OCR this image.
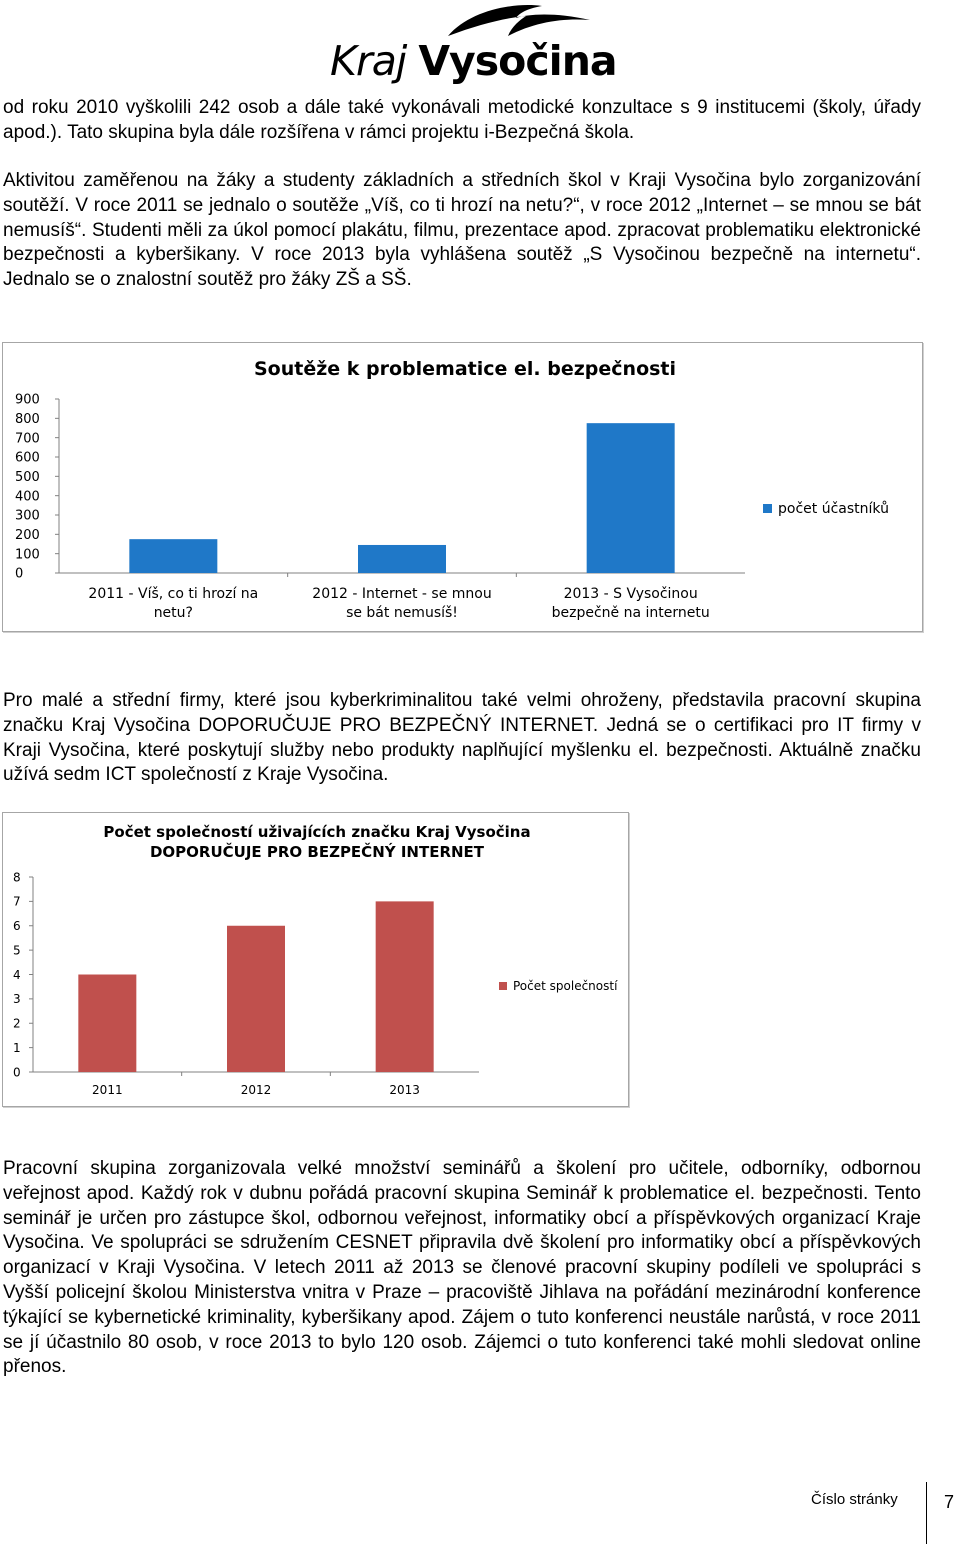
Kraj Vysočina

od roku 2010 vyškolili 242 osob a dále také vykonávali metodické konzultace s 9 institucemi (školy, úřady apod.). Tato skupina byla dále rozšířena v rámci projektu i-Bezpečná škola.

Aktivitou zaměřenou na žáky a studenty základních a středních škol v Kraji Vysočina bylo zorganizování soutěží. V roce 2011 se jednalo o soutěže „Víš, co ti hrozí na netu?“, v roce 2012 „Internet – se mnou se bát nemusíš“. Studenti měli za úkol pomocí plakátu, filmu, prezentace apod. zpracovat problematiku elektronické bezpečnosti a kyberšikany. V roce 2013 byla vyhlášena soutěž „S Vysočinou bezpečně na internetu“. Jednalo se o znalostní soutěž pro žáky ZŠ a SŠ.

Soutěže k problematice el. bezpečnosti
0
100
200
300
400
500
600
700
800
900
2011 - Víš, co ti hrozí na
netu?
2012 - Internet - se mnou
se bát nemusíš!
2013 - S Vysočinou
bezpečně na internetu
počet účastníků

Pro malé a střední firmy, které jsou kyberkriminalitou také velmi ohroženy, představila pracovní skupina značku Kraj Vysočina DOPORUČUJE PRO BEZPEČNÝ INTERNET. Jedná se o certifikaci pro IT firmy v Kraji Vysočina, které poskytují služby nebo produkty naplňující myšlenku el. bezpečnosti. Aktuálně značku užívá sedm ICT společností z Kraje Vysočina.

Počet společností uživajících značku Kraj Vysočina
DOPORUČUJE PRO BEZPEČNÝ INTERNET
0
1
2
3
4
5
6
7
8
2011	2012	2013
Počet společností

Pracovní skupina zorganizovala velké množství seminářů a školení pro učitele, odborníky, odbornou veřejnost apod. Každý rok v dubnu pořádá pracovní skupina Seminář k problematice el. bezpečnosti. Tento seminář je určen pro zástupce škol, odbornou veřejnost, informatiky obcí a příspěvkových organizací Kraje Vysočina. Ve spolupráci se sdružením CESNET připravila dvě školení pro informatiky obcí a příspěvkových organizací v Kraji Vysočina. V letech 2011 až 2013 se členové pracovní skupiny podíleli ve spolupráci s Vyšší policejní školou Ministerstva vnitra v Praze – pracoviště Jihlava na pořádání mezinárodní konference týkající se kybernetické kriminality, kyberšikany apod. Zájem o tuto konferenci neustále narůstá, v roce 2011 se jí účastnilo 80 osob, v roce 2013 to bylo 120 osob. Zájemci o tuto konferenci také mohli sledovat online přenos.

Číslo stránky	7
